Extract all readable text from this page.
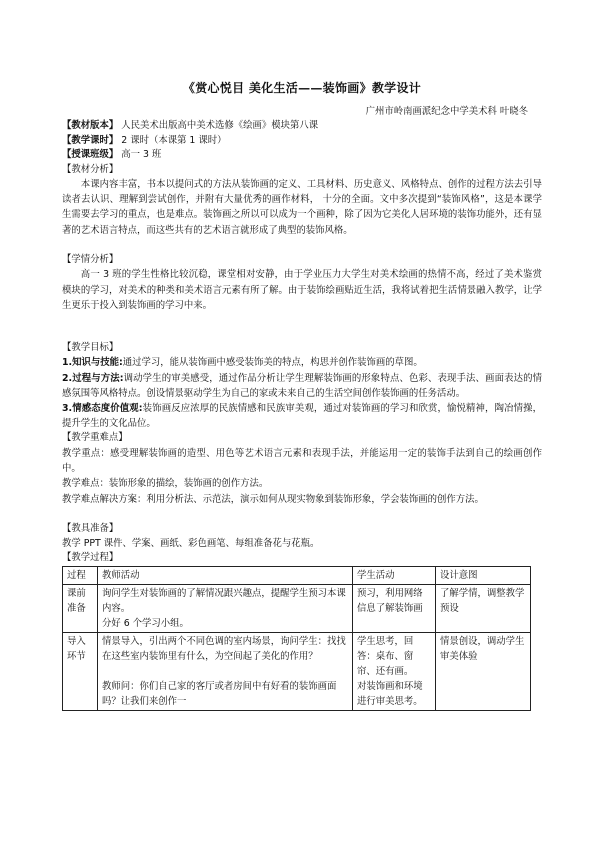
《赏心悦目 美化生活——装饰画》教学设计
广州市岭南画派纪念中学美术科 叶晓冬
【教材版本】 人民美术出版高中美术选修《绘画》模块第八课
【教学课时】 2 课时（本课第 1 课时）
【授课班级】 高一 3 班
【教材分析】
本课内容丰富，书本以提问式的方法从装饰画的定义、工具材料、历史意义、风格特点、创作的过程方法去引导读者去认识、理解到尝试创作，并附有大量优秀的画作材料， 十分的全面。文中多次提到“装饰风格”，这是本课学生需要去学习的重点，也是难点。装饰画之所以可以成为一个画种，除了因为它美化人居环境的装饰功能外，还有显著的艺术语言特点，而这些共有的艺术语言就形成了典型的装饰风格。
【学情分析】
高一 3 班的学生性格比较沉稳，课堂相对安静，由于学业压力大学生对美术绘画的热情不高，经过了美术鉴赏模块的学习，对美术的种类和美术语言元素有所了解。由于装饰绘画贴近生活，我将试着把生活情景融入教学，让学生更乐于投入到装饰画的学习中来。
【教学目标】
1.知识与技能:通过学习，能从装饰画中感受装饰美的特点，构思并创作装饰画的草图。
2.过程与方法:调动学生的审美感受，通过作品分析让学生理解装饰画的形象特点、色彩、表现手法、画面表达的情感氛围等风格特点。创设情景驱动学生为自己的家或未来自己的生活空间创作装饰画的任务活动。
3.情感态度价值观:装饰画反应浓厚的民族情感和民族审美观，通过对装饰画的学习和欣赏，愉悦精神，陶冶情操，提升学生的文化品位。
【教学重难点】
教学重点：感受理解装饰画的造型、用色等艺术语言元素和表现手法，并能运用一定的装饰手法到自己的绘画创作中。
教学难点：装饰形象的描绘，装饰画的创作方法。
教学难点解决方案：利用分析法、示范法，演示如何从现实物象到装饰形象，学会装饰画的创作方法。
【教具准备】
教学 PPT 课件、学案、画纸、彩色画笔、每组准备花与花瓶。
【教学过程】
过程	教师活动	学生活动	设计意图
课前准备	询问学生对装饰画的了解情况跟兴趣点，提醒学生预习本课内容。
分好 6 个学习小组。	预习，利用网络信息了解装饰画	了解学情，调整教学预设
导入环节	情景导入，引出两个不同色调的室内场景，询问学生：找找在这些室内装饰里有什么，为空间起了美化的作用？

教师问：你们自己家的客厅或者房间中有好看的装饰画面吗？让我们来创作一	学生思考，回答：桌布、窗帘、还有画。
对装饰画和环境进行审美思考。	情景创设，调动学生审美体验
